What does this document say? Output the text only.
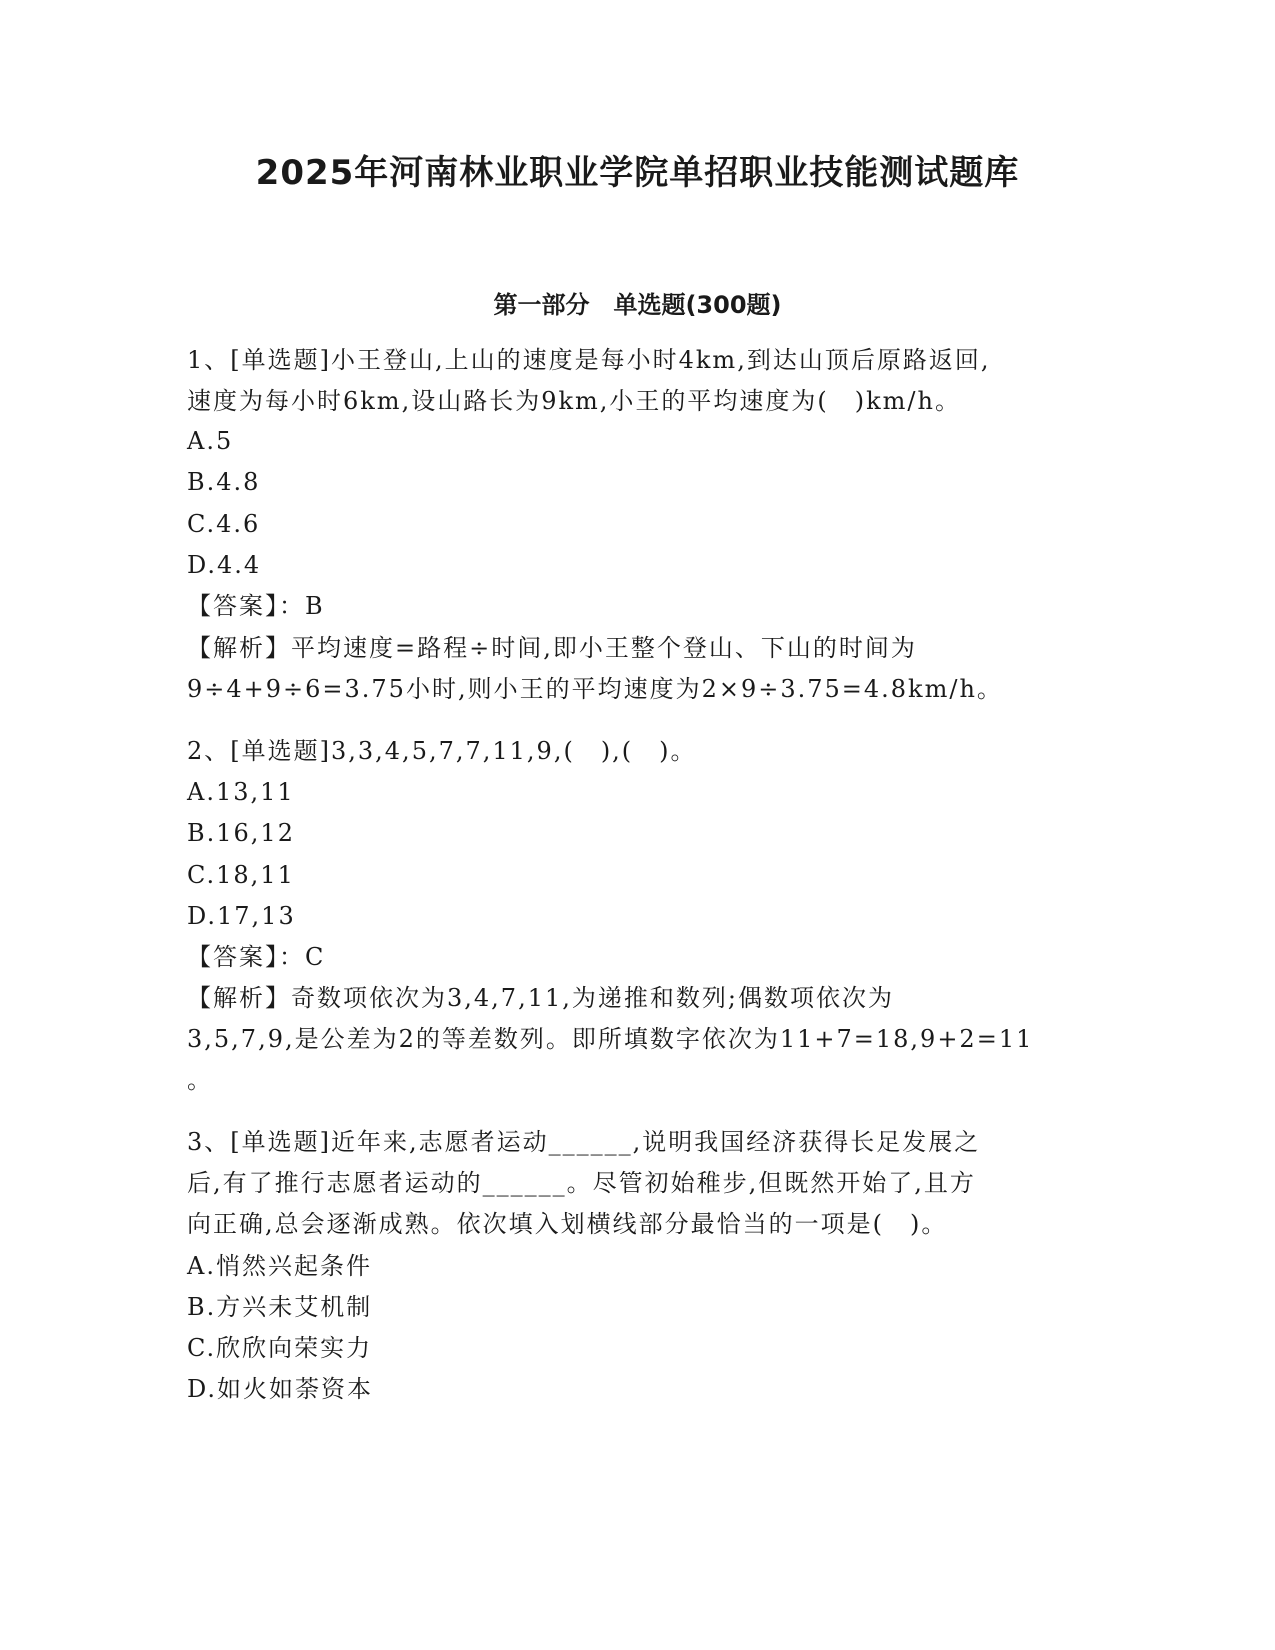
2025年河南林业职业学院单招职业技能测试题库
第一部分　单选题(300题)
1、[单选题]小王登山,上山的速度是每小时4km,到达山顶后原路返回,
速度为每小时6km,设山路长为9km,小王的平均速度为(　)km/h。
A.5
B.4.8
C.4.6
D.4.4
【答案】：B
【解析】平均速度=路程÷时间,即小王整个登山、下山的时间为
9÷4+9÷6=3.75小时,则小王的平均速度为2×9÷3.75=4.8km/h。
2、[单选题]3,3,4,5,7,7,11,9,(　),(　)。
A.13,11
B.16,12
C.18,11
D.17,13
【答案】：C
【解析】奇数项依次为3,4,7,11,为递推和数列;偶数项依次为
3,5,7,9,是公差为2的等差数列。即所填数字依次为11+7=18,9+2=11
。
3、[单选题]近年来,志愿者运动______,说明我国经济获得长足发展之
后,有了推行志愿者运动的______。尽管初始稚步,但既然开始了,且方
向正确,总会逐渐成熟。依次填入划横线部分最恰当的一项是(　)。
A.悄然兴起条件
B.方兴未艾机制
C.欣欣向荣实力
D.如火如荼资本
